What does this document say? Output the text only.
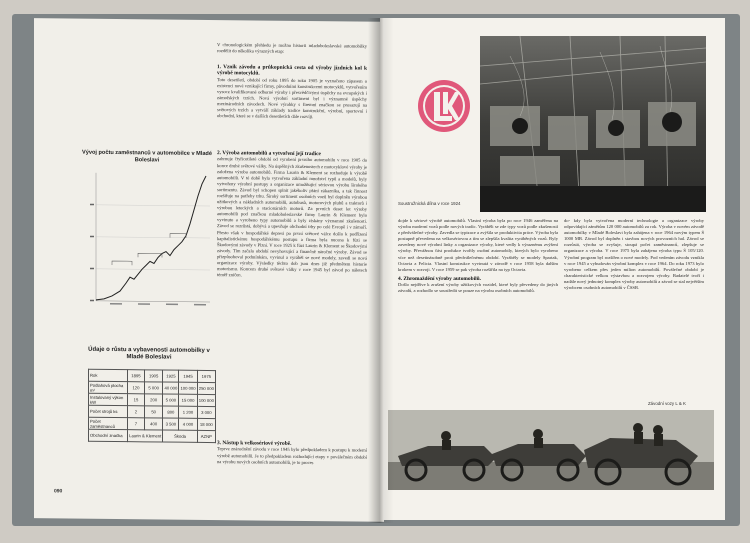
V chronologickém přehledu je možno historii mladoboleslavské automobilky rozdělit do několika výrazných etap:
1. Vznik závodu a průkopnická cesta od výroby jízdních kol k výrobě motocyklů.
Toto desetiletí, období od roku 1895 do roku 1905 je vyznačeno zápasem o existenci nové vznikající firmy, původními konstrukcemi motocyklů, vytvořením vysoce kvalifikované odborné výroby i přesvědčivými úspěchy na evropských i zámořských trzích. Nová výrobní sortiment byl i významné úspěchy mezinárodních závodech. Nové výrobky s firemní značkou se prosazují na světových trzích a vytváří základy tradice konstrukční, výrobní, sportovní i obchodní, které se v dalších desetiletích dále rozvíjí.
2. Výroba automobilů a vytvoření její tradice
zahrnuje čtyřicetileté období od vyrobení prvního automobilu v roce 1905 do konce druhé světové války. Na úspěšných zkušenostech z motocyklové výroby je založena výroba automobilů. Firma Laurin & Klement se rozhoduje k výrobě automobilů. V té době byla vytvořena základní množství typů a modelů, byly vytvořeny výrobní postupy a organizace umožňující sériovou výrobu širokého sortimentu. Závod byl schopen splnit jakékoliv přání zákazníka, a tak činnost rozšiřuje na potřeby trhu. Široký sortiment osobních vozů byl doplněn výrobou užitkových a nákladních automobilů, autobusů, motorových pluhů a traktorů i výrobou leteckých a stacionárních motorů. Za prvních deset let výroby automobilů pod značkou mladoboleslavské firmy Laurin & Klement bylo vyvinuto a vyrobeno typy automobilů a byly získány významné zkušenosti. Závod se rozrůstá, dobývá a upevňuje obchodní trhy po celé Evropě i v zámoří. Přesto však v hospodářské depresi po první světové válce došlo k podřízení kapitalistickému hospodářskému postupu a firma byla nucena k fúzi se Škodovými závody v Plzni. V roce 1925 k fúzi Laurin & Klement se Škodovými závody. Tím začalo období nevyhovující a finančně náročné výroby. Závod se přizpůsoboval podmínkám, vyvinul a vyráběl se nové modely, zavedl se nová organizace výroby. Výsledky těchto dob jsou dnes již předmětem historie motorismu. Koncem druhé světové války v roce 1945 byl závod po náletech téměř zničen.
3. Nástup k velkosériové výrobě.
Teprve znárodnění závodu v roce 1945 bylo předpokladem k postupu k moderní výrobě automobilů. Je to předpokladem rozhodující etapy v poválečném období na výrobu nových osobních automobilů, je to proces
Vývoj počtu zaměstnanců v automobilce v Mladé Boleslavi
Údaje o růstu a vybavenosti automobilky v Mladé Boleslavi
Rok	1895	1905	1925	1945	1975
Podlahová plocha m²	120	5 000	40 000	100 000	250 000
Instalovaný výkon kW	15	200	5 000	15 000	100 000
Počet strojů ks	2	50	800	1 200	3 000
Počet zaměstnanců	7	400	3 500	4 000	18 000
Obchodní značka	Laurin & Klement		Škoda		AZNP
090
Soustružnická dílna v roce 1924
dojde k sériové výrobě automobilů. Vlastní výroba byla po roce 1946 zaměřena na výrobu moderní vozů podle nových tradic. Vyráběli se zde typy vozů podle zkušeností z předválečné výroby. Zavedla se typizace a zvýšila se produktivita práce. Výroba byla postupně převedena na velkosériovou a tím se zlepšila kvalita vyráběných vozů. Byly zavedeny nové výrobní linky a organizace výroby, které vedly k výraznému zvýšení výroby. Převážnou část produkce tvořily osobní automobily, kterých bylo vyrobeno více než desetinásobně proti předválečnému období. Vyráběly se modely Spartak, Octavia a Felicia. Vlastní konstrukce vyvinutá v závodě v roce 1958 byla dalším krokem v rozvoji. V roce 1959 se pak výroba rozšířila na typ Octavia.
4. Zhromaždění výroby automobilů.
Došlo nejdříve k zrušení výroby užitkových vozidel, které byly převedeny do jiných závodů, a rozhodlo se soustředit se pouze na výrobu osobních automobilů.
do- kdy byla vytvořena moderní technologie a organizace výroby odpovídající zámětům 120 000 automobilů za rok. Výroba v novém závodě automobilky v Mladé Boleslavi byla zahájena v roce 1964 novým typem Š 1000 MB. Závod byl doplněn i stavbou nových provozních hal. Závod se rozrůstá, výroba se zvyšuje, stoupá počet zaměstnanců, zlepšuje se organizace a výroba. V roce 1975 byla zahájena výroba typu Š 105/120. Výrobní program byl rozšířen o nové modely. Pod vedením závodu vznikla v roce 1945 a vybudován výrobní komplex v roce 1964. Do roku 1973 bylo vyrobeno celkem přes jeden milion automobilů. Poválečné období je charakteristické velkou výstavbou a rozvojem výroby. Badatelé tvoří i nadále nový jednotný komplex výroby automobilů a závod se stal největším výrobcem osobních automobilů v ČSSR.
Závodní vozy L & K
